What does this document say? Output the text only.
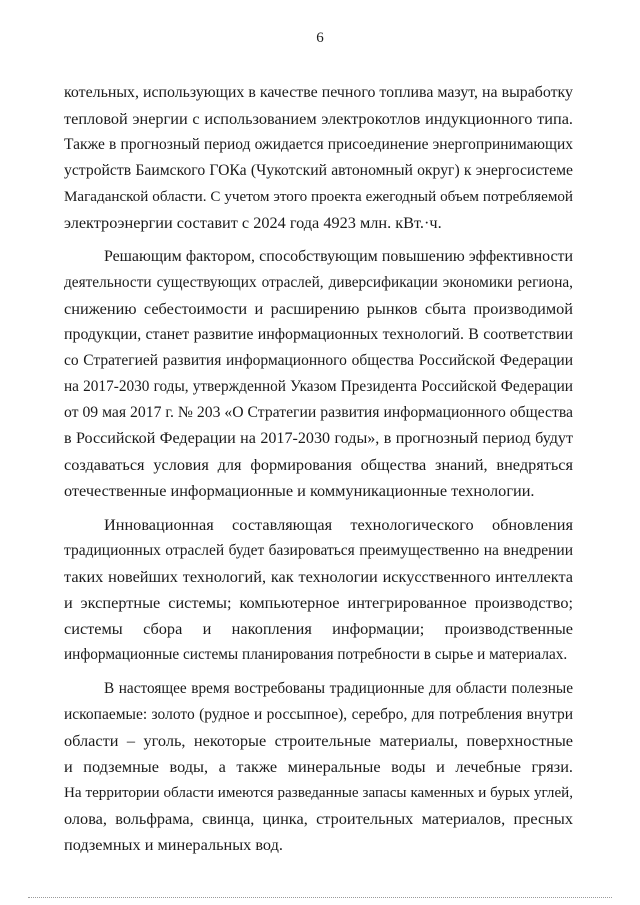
6

котельных, использующих в качестве печного топлива мазут, на выработку
тепловой энергии с использованием электрокотлов индукционного типа.
Также в прогнозный период ожидается присоединение энергопринимающих
устройств Баимского ГОКа (Чукотский автономный округ) к энергосистеме
Магаданской области. С учетом этого проекта ежегодный объем потребляемой
электроэнергии составит с 2024 года 4923 млн. кВт.·ч.

Решающим фактором, способствующим повышению эффективности
деятельности существующих отраслей, диверсификации экономики региона,
снижению себестоимости и расширению рынков сбыта производимой
продукции, станет развитие информационных технологий. В соответствии
со Стратегией развития информационного общества Российской Федерации
на 2017-2030 годы, утвержденной Указом Президента Российской Федерации
от 09 мая 2017 г. № 203 «О Стратегии развития информационного общества
в Российской Федерации на 2017-2030 годы», в прогнозный период будут
создаваться условия для формирования общества знаний, внедряться
отечественные информационные и коммуникационные технологии.

Инновационная составляющая технологического обновления
традиционных отраслей будет базироваться преимущественно на внедрении
таких новейших технологий, как технологии искусственного интеллекта
и экспертные системы; компьютерное интегрированное производство;
системы сбора и накопления информации; производственные
информационные системы планирования потребности в сырье и материалах.

В настоящее время востребованы традиционные для области полезные
ископаемые: золото (рудное и россыпное), серебро, для потребления внутри
области – уголь, некоторые строительные материалы, поверхностные
и подземные воды, а также минеральные воды и лечебные грязи.
На территории области имеются разведанные запасы каменных и бурых углей,
олова, вольфрама, свинца, цинка, строительных материалов, пресных
подземных и минеральных вод.
